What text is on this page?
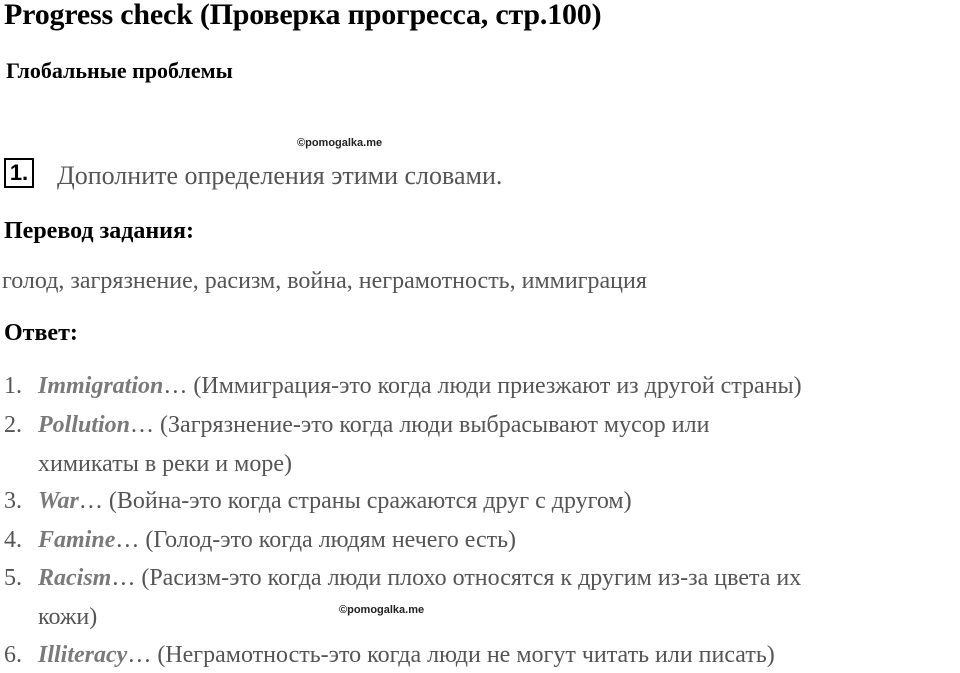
Progress check (Проверка прогресса, стр.100)
Глобальные проблемы
©pomogalka.me
1. Дополните определения этими словами.
Перевод задания:
голод, загрязнение, расизм, война, неграмотность, иммиграция
Ответ:
1. Immigration… (Иммиграция-это когда люди приезжают из другой страны)
2. Pollution… (Загрязнение-это когда люди выбрасывают мусор или
химикаты в реки и море)
3. War… (Война-это когда страны сражаются друг с другом)
4. Famine… (Голод-это когда людям нечего есть)
5. Racism… (Расизм-это когда люди плохо относятся к другим из-за цвета их
кожи)
6. Illiteracy… (Неграмотность-это когда люди не могут читать или писать)
©pomogalka.me
